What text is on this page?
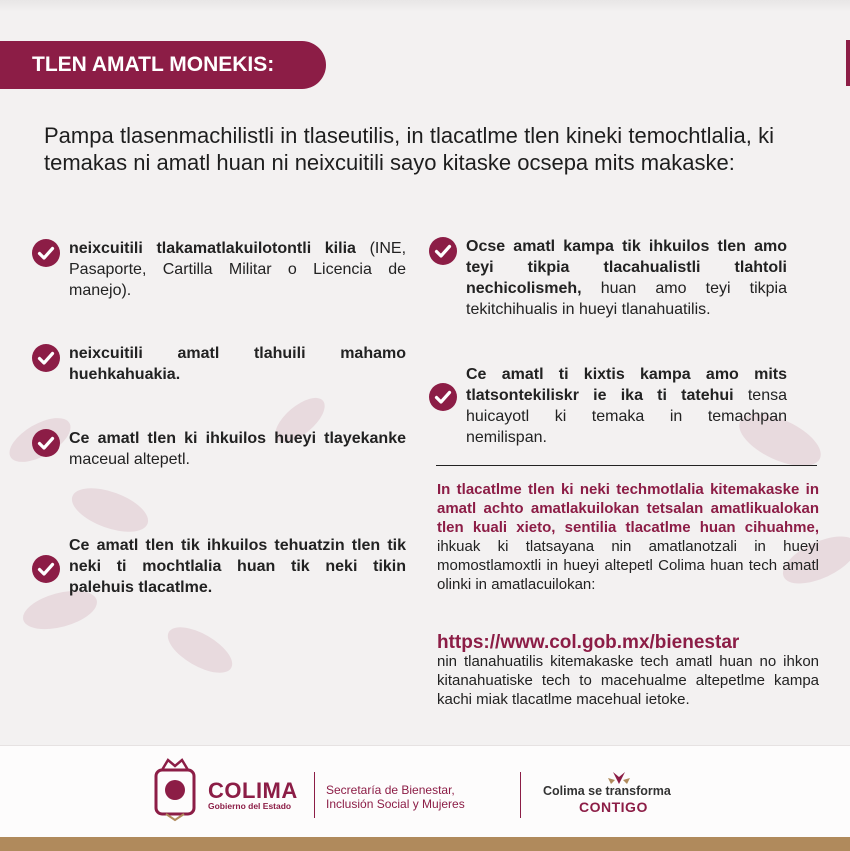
TLEN AMATL MONEKIS:
Pampa tlasenmachilistli in tlaseutilis, in tlacatlme tlen kineki temochtlalia, ki temakas ni amatl huan ni neixcuitili sayo kitaske ocsepa mits makaske:
neixcuitili tlakamatlakuilotontli kilia (INE, Pasaporte, Cartilla Militar o Licencia de manejo).
neixcuitili amatl tlahuili mahamo huehkahuakia.
Ce amatl tlen ki ihkuilos hueyi tlayekanke maceual altepetl.
Ce amatl tlen tik ihkuilos tehuatzin tlen tik neki ti mochtlalia huan tik neki tikin palehuis tlacatlme.
Ocse amatl kampa tik ihkuilos tlen amo teyi tikpia tlacahualistli tlahtoli nechicolismeh, huan amo teyi tikpia tekitchihualis in hueyi tlanahuatilis.
Ce amatl ti kixtis kampa amo mits tlatsontekiliskr ie ika ti tatehui tensa huicayotl ki temaka in temachpan nemilispan.
In tlacatlme tlen ki neki techmotlalia kitemakaske in amatl achto amatlakuilokan tetsalan amatlikualokan tlen kuali xieto, sentilia tlacatlme huan cihuahme, ihkuak ki tlatsayana nin amatlanotzali in hueyi momostlamoxtli in hueyi altepetl Colima huan tech amatl olinki in amatlacuilokan:
https://www.col.gob.mx/bienestar
nin tlanahuatilis kitemakaske tech amatl huan no ihkon kitanahuatiske tech to macehualme altepetlme kampa kachi miak tlacatlme macehual ietoke.
COLIMA
Gobierno del Estado
Secretaría de Bienestar,
Inclusión Social y Mujeres
Colima se transforma
CONTIGO
